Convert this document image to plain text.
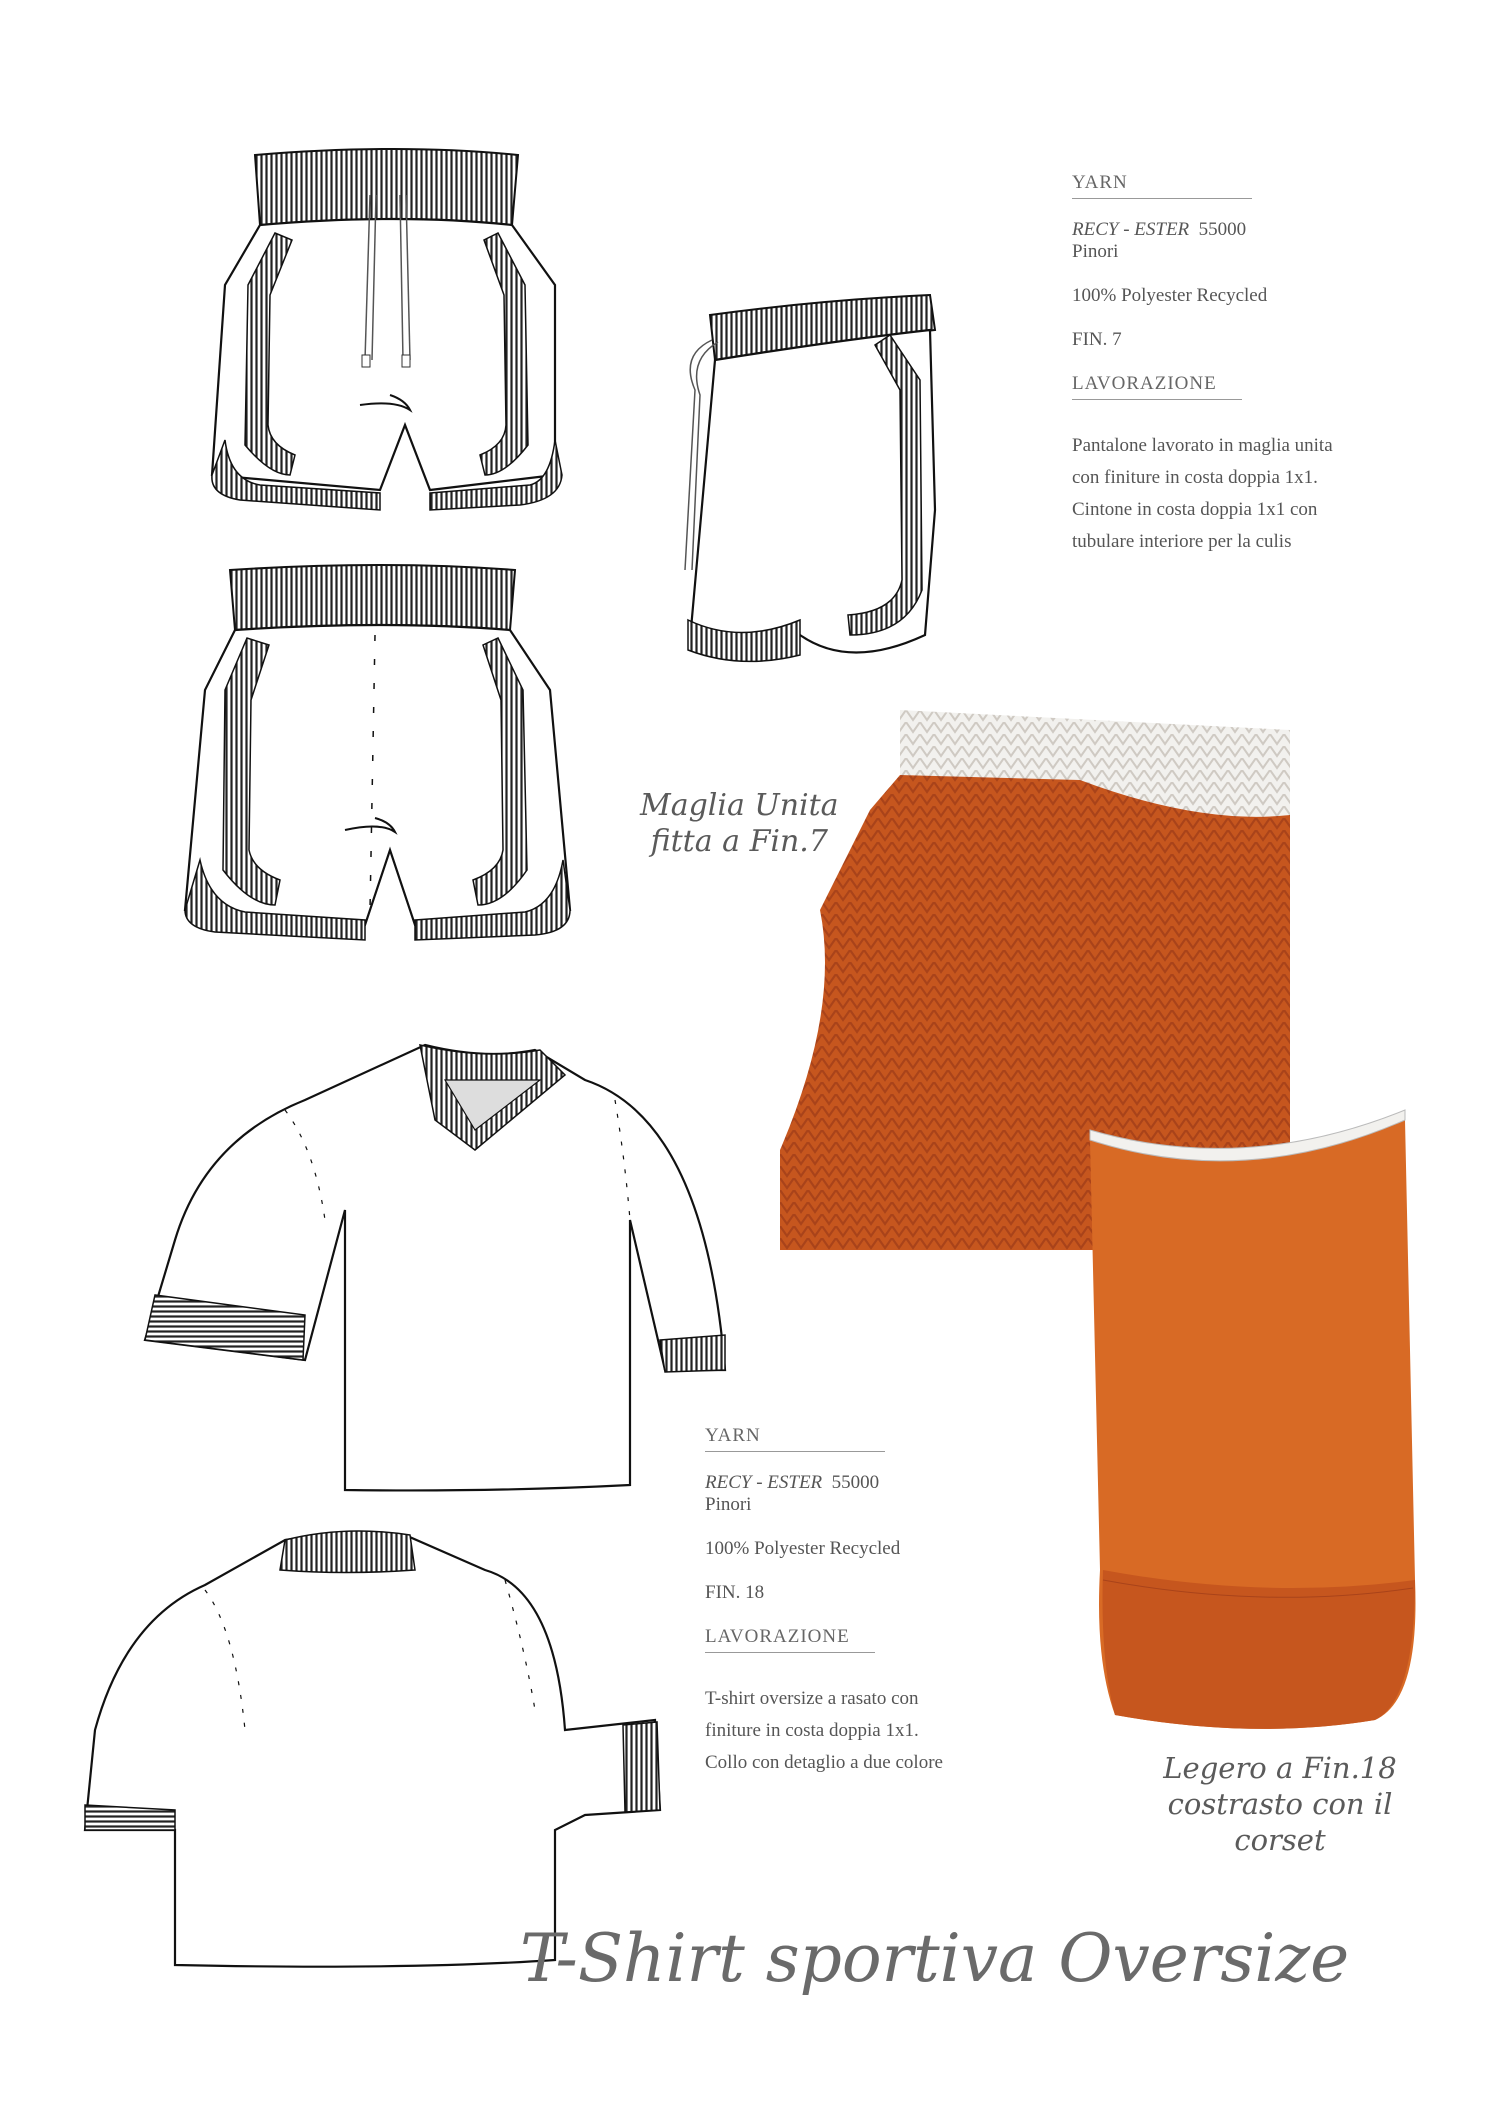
YARN
RECY - ESTER 55000
Pinori
100% Polyester Recycled
FIN. 7
LAVORAZIONE
Pantalone lavorato in maglia unita
con finiture in costa doppia 1x1.
Cintone in costa doppia 1x1 con
tubulare interiore per la culis
Maglia Unita
fitta a Fin.7
Legero a Fin.18
costrasto con il corset
YARN
RECY - ESTER 55000
Pinori
100% Polyester Recycled
FIN. 18
LAVORAZIONE
T-shirt oversize a rasato con
finiture in costa doppia 1x1.
Collo con detaglio a due colore
T-Shirt sportiva Oversize
